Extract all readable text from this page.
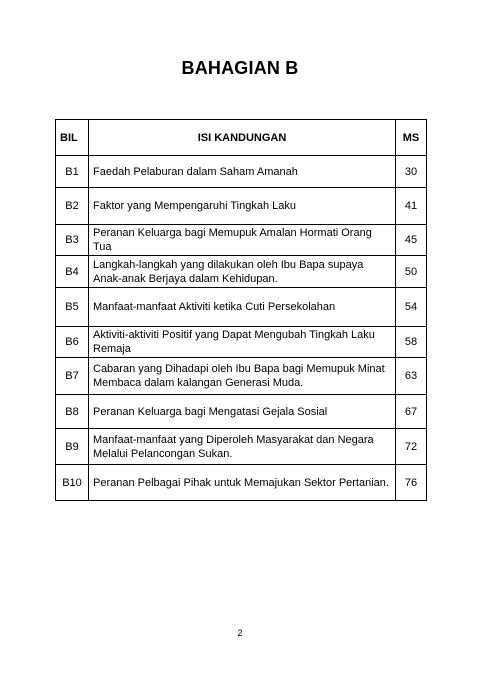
BAHAGIAN B
BIL	ISI KANDUNGAN	MS
B1	Faedah Pelaburan dalam Saham Amanah	30
B2	Faktor yang Mempengaruhi Tingkah Laku	41
B3	Peranan Keluarga bagi Memupuk Amalan Hormati Orang Tua	45
B4	Langkah-langkah yang dilakukan oleh Ibu Bapa supaya Anak-anak Berjaya dalam Kehidupan.	50
B5	Manfaat-manfaat Aktiviti ketika Cuti Persekolahan	54
B6	Aktiviti-aktiviti Positif yang Dapat Mengubah Tingkah Laku Remaja	58
B7	Cabaran yang Dihadapi oleh Ibu Bapa bagi Memupuk Minat Membaca dalam kalangan Generasi Muda.	63
B8	Peranan Keluarga bagi Mengatasi Gejala Sosial	67
B9	Manfaat-manfaat yang Diperoleh Masyarakat dan Negara Melalui Pelancongan Sukan.	72
B10	Peranan Pelbagai Pihak untuk Memajukan Sektor Pertanian.	76
2
